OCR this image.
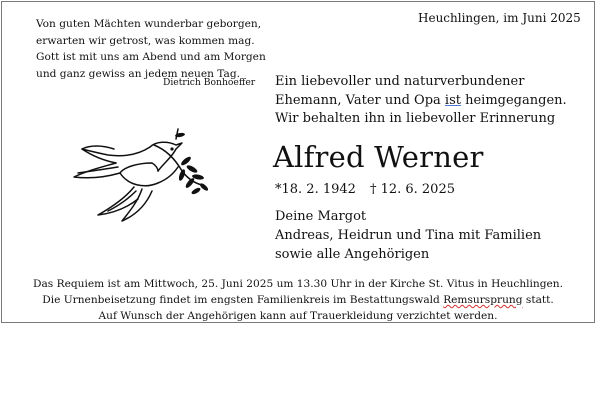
Von guten Mächten wunderbar geborgen,
erwarten wir getrost, was kommen mag.
Gott ist mit uns am Abend und am Morgen
und ganz gewiss an jedem neuen Tag.
Dietrich Bonhoeffer
Heuchlingen, im Juni 2025
Ein liebevoller und naturverbundener
Ehemann, Vater und Opa ist heimgegangen.
Wir behalten ihn in liebevoller Erinnerung
Alfred Werner
*18. 2. 1942 † 12. 6. 2025
Deine Margot
Andreas, Heidrun und Tina mit Familien
sowie alle Angehörigen
Das Requiem ist am Mittwoch, 25. Juni 2025 um 13.30 Uhr in der Kirche St. Vitus in Heuchlingen.
Die Urnenbeisetzung findet im engsten Familienkreis im Bestattungswald Remsursprung statt.
Auf Wunsch der Angehörigen kann auf Trauerkleidung verzichtet werden.
